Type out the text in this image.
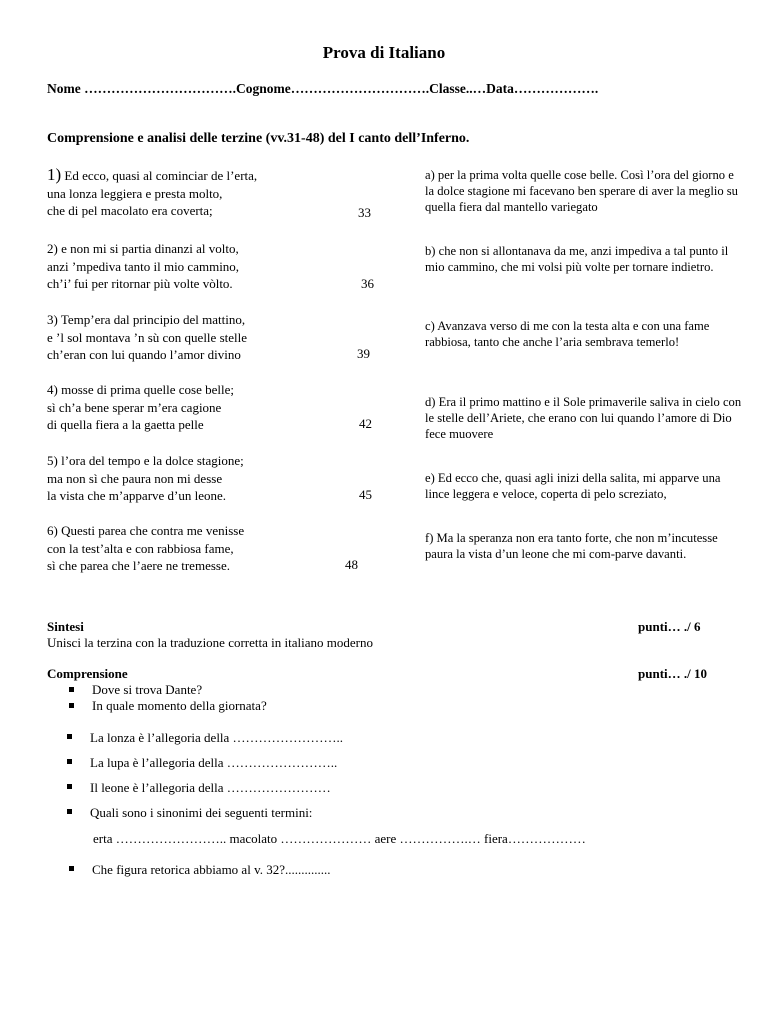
Prova di Italiano
Nome …………………………….Cognome………………………….Classe..…Data……………….
Comprensione e analisi delle terzine (vv.31-48) del I canto dell’Inferno.
1) Ed ecco, quasi al cominciar de l’erta,
una lonza leggiera e presta molto,
che di pel macolato era coverta;	33
2) e non mi si partia dinanzi al volto,
anzi ’mpediva tanto il mio cammino,
ch’i’ fui per ritornar più volte vòlto.	36
3) Temp’era dal principio del mattino,
e ’l sol montava ’n sù con quelle stelle
ch’eran con lui quando l’amor divino	39
4) mosse di prima quelle cose belle;
sì ch’a bene sperar m’era cagione
di quella fiera a la gaetta pelle	42
5) l’ora del tempo e la dolce stagione;
ma non sì che paura non mi desse
la vista che m’apparve d’un leone.	45
6) Questi parea che contra me venisse
con la test’alta e con rabbiosa fame,
sì che parea che l’aere ne tremesse.	48
a) per la prima volta quelle cose belle. Così l’ora del giorno e la dolce stagione mi facevano ben sperare di aver la meglio su quella fiera dal mantello variegato
b) che non si allontanava da me, anzi impediva a tal punto il mio cammino, che mi volsi più volte per tornare indietro.
c) Avanzava verso di me con la testa alta e con una fame rabbiosa, tanto che anche l’aria sembrava temerlo!
d) Era il primo mattino e il Sole primaverile saliva in cielo con le stelle dell’Ariete, che erano con lui quando l’amore di Dio fece muovere
e) Ed ecco che, quasi agli inizi della salita, mi apparve una lince leggera e veloce, coperta di pelo screziato,
f) Ma la speranza non era tanto forte, che non m’incutesse paura la vista d’un leone che mi com-parve davanti.
Sintesi	punti… ./ 6
Unisci la terzina con la traduzione corretta in italiano moderno
Comprensione	punti… ./ 10
Dove si trova Dante?
In quale momento della giornata?
La lonza è l’allegoria della ……………………..
La lupa è l’allegoria della ……………………..
Il leone è l’allegoria della ……………………
Quali sono i sinonimi dei seguenti termini:
erta …………………….. macolato ………………… aere …………….… fiera………………
Che figura retorica abbiamo al v. 32?..............
